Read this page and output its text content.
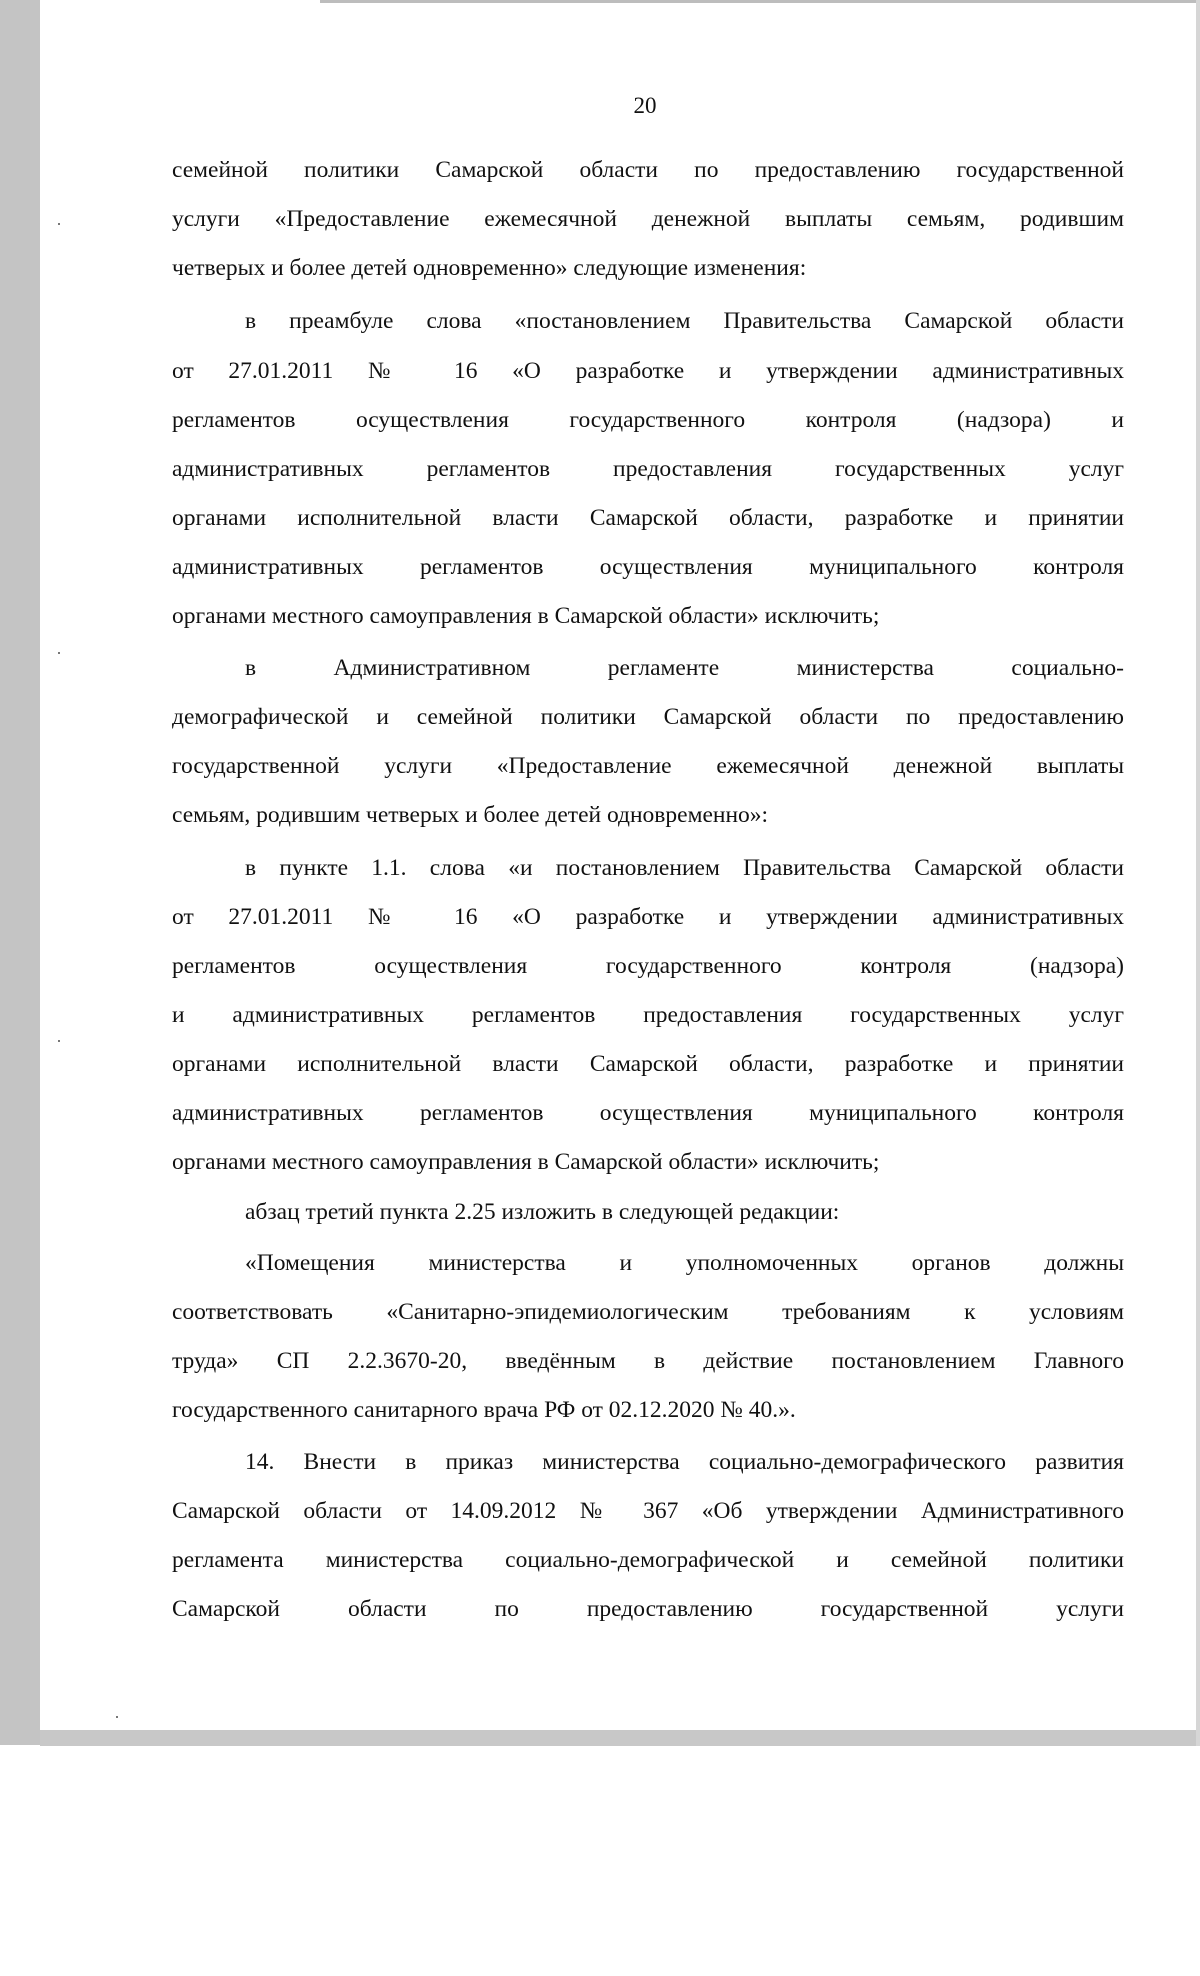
20
семейной политики Самарской области по предоставлению государственной
услуги «Предоставление ежемесячной денежной выплаты семьям, родившим
четверых и более детей одновременно» следующие изменения:
в преамбуле слова «постановлением Правительства Самарской области
от 27.01.2011 № 16 «О разработке и утверждении административных
регламентов осуществления государственного контроля (надзора) и
административных регламентов предоставления государственных услуг
органами исполнительной власти Самарской области, разработке и принятии
административных регламентов осуществления муниципального контроля
органами местного самоуправления в Самарской области» исключить;
в Административном регламенте министерства социально-
демографической и семейной политики Самарской области по предоставлению
государственной услуги «Предоставление ежемесячной денежной выплаты
семьям, родившим четверых и более детей одновременно»:
в пункте 1.1. слова «и постановлением Правительства Самарской области
от 27.01.2011 № 16 «О разработке и утверждении административных
регламентов осуществления государственного контроля (надзора)
и административных регламентов предоставления государственных услуг
органами исполнительной власти Самарской области, разработке и принятии
административных регламентов осуществления муниципального контроля
органами местного самоуправления в Самарской области» исключить;
абзац третий пункта 2.25 изложить в следующей редакции:
«Помещения министерства и уполномоченных органов должны
соответствовать «Санитарно-эпидемиологическим требованиям к условиям
труда» СП 2.2.3670-20, введённым в действие постановлением Главного
государственного санитарного врача РФ от 02.12.2020 № 40.».
14. Внести в приказ министерства социально-демографического развития
Самарской области от 14.09.2012 № 367 «Об утверждении Административного
регламента министерства социально-демографической и семейной политики
Самарской области по предоставлению государственной услуги
